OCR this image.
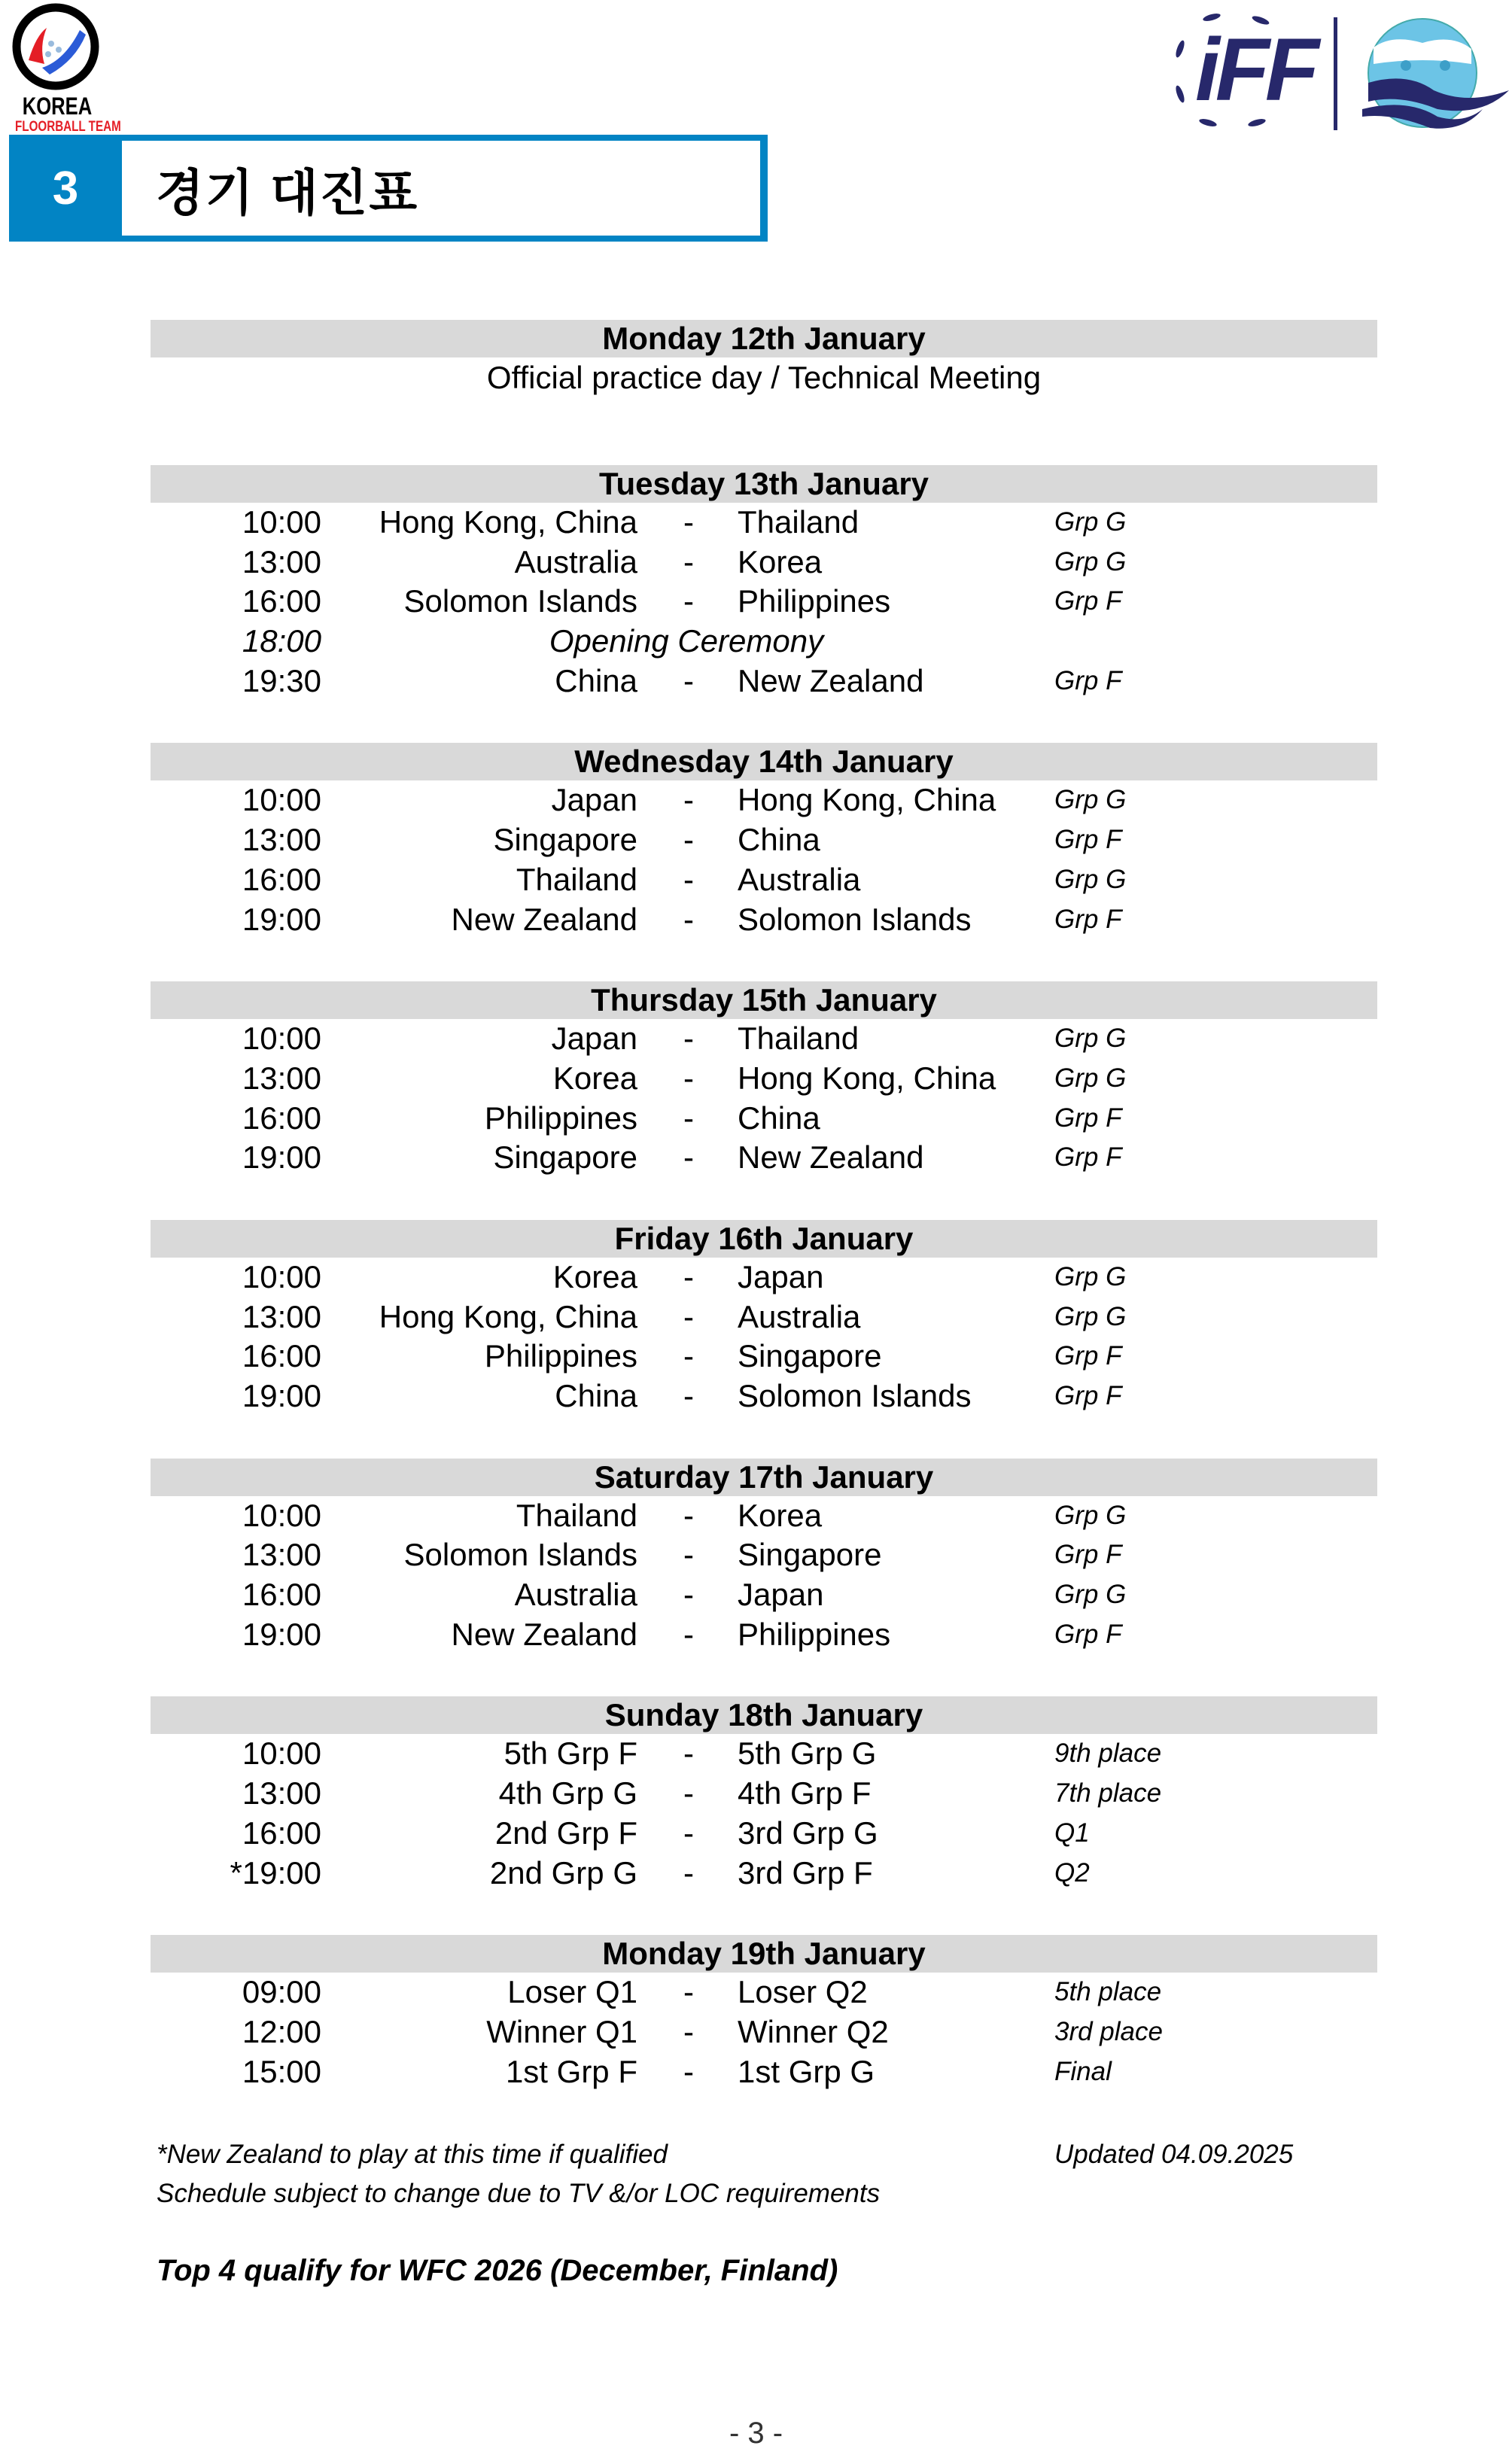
KOREA
FLOORBALL TEAM
iFF
3	경기 대진표
Monday 12th January
Official practice day / Technical Meeting
Tuesday 13th January
10:00 Hong Kong, China - Thailand	Grp G
13:00	Australia - Korea	Grp G
16:00	Solomon Islands - Philippines	Grp F
18:00	Opening Ceremony
19:30	China - New Zealand	Grp F
Wednesday 14th January
10:00	Japan - Hong Kong, China Grp G
13:00	Singapore - China	Grp F
16:00	Thailand - Australia	Grp G
19:00	New Zealand - Solomon Islands	Grp F
Thursday 15th January
10:00	Japan - Thailand	Grp G
13:00	Korea - Hong Kong, China Grp G
16:00	Philippines - China	Grp F
19:00	Singapore - New Zealand	Grp F
Friday 16th January
10:00	Korea - Japan	Grp G
13:00 Hong Kong, China - Australia	Grp G
16:00	Philippines - Singapore	Grp F
19:00	China - Solomon Islands	Grp F
Saturday 17th January
10:00	Thailand - Korea	Grp G
13:00	Solomon Islands - Singapore	Grp F
16:00	Australia - Japan	Grp G
19:00	New Zealand - Philippines	Grp F
Sunday 18th January
10:00	5th Grp F - 5th Grp G	9th place
13:00	4th Grp G - 4th Grp F	7th place
16:00	2nd Grp F - 3rd Grp G	Q1
*19:00	2nd Grp G - 3rd Grp F	Q2
Monday 19th January
09:00	Loser Q1 - Loser Q2	5th place
12:00	Winner Q1 - Winner Q2	3rd place
15:00	1st Grp F - 1st Grp G	Final
*New Zealand to play at this time if qualified
Schedule subject to change due to TV &/or LOC requirements
Updated 04.09.2025
Top 4 qualify for WFC 2026 (December, Finland)
- 3 -
